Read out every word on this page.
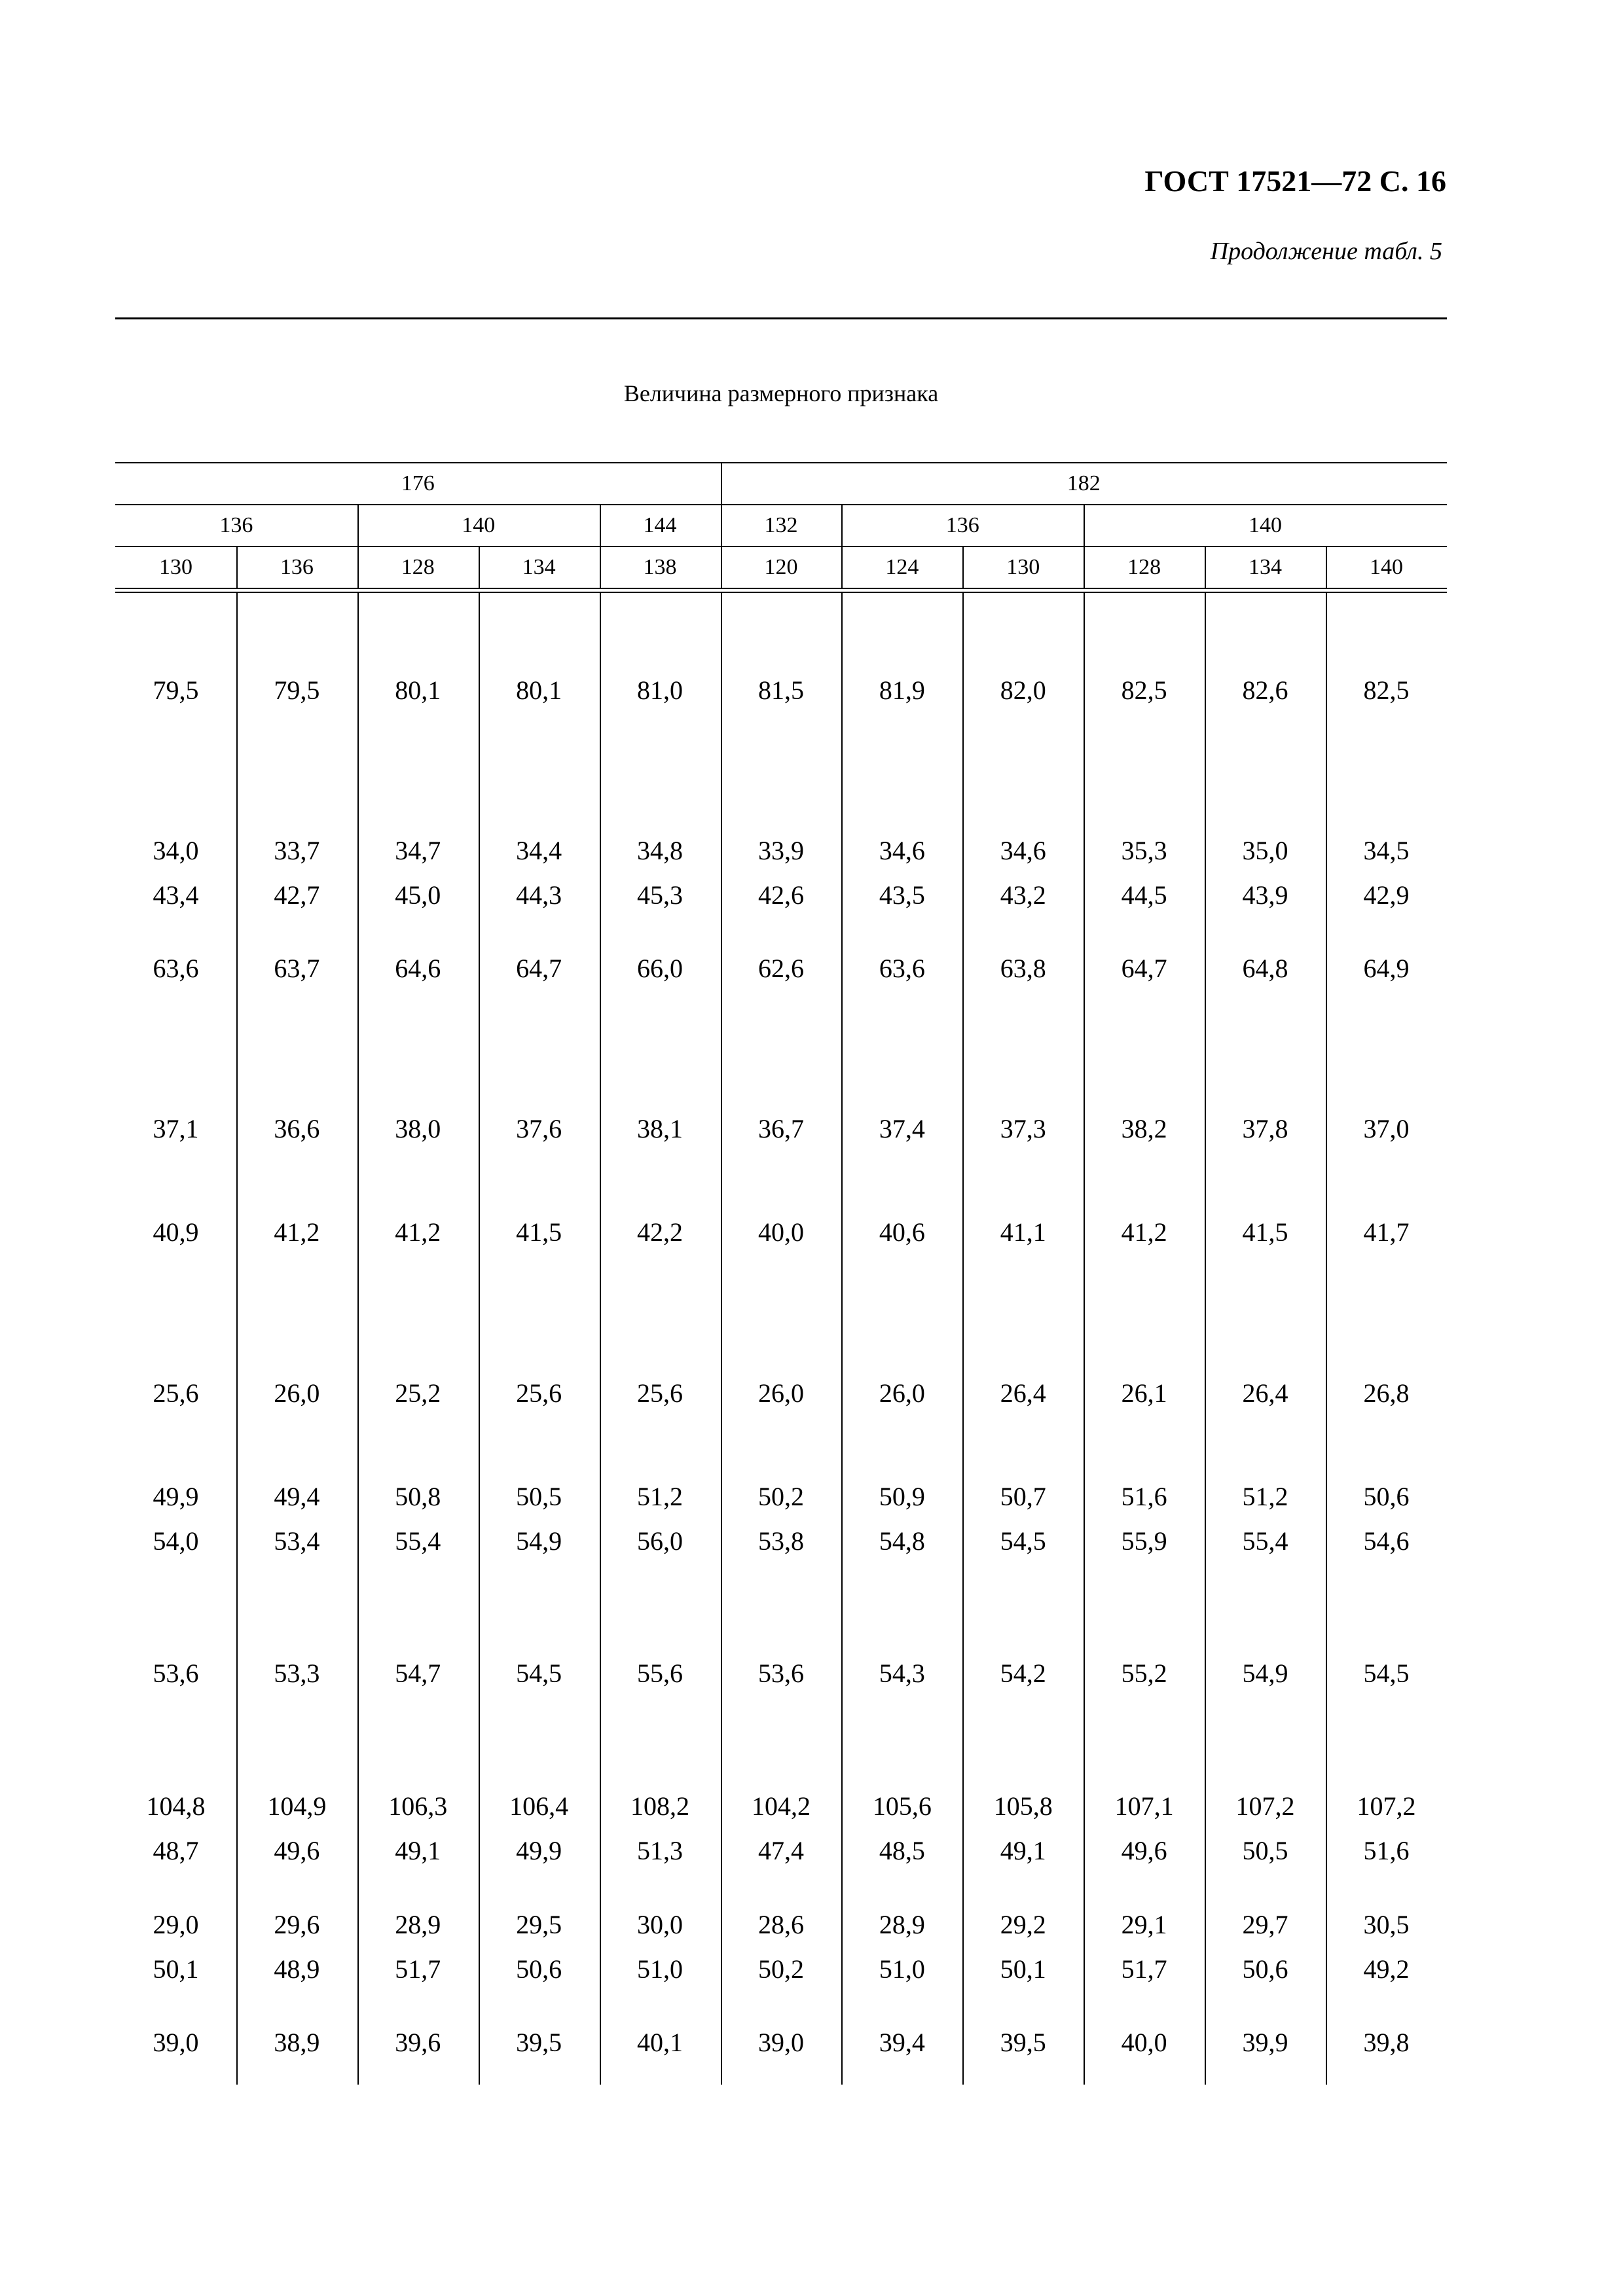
ГОСТ 17521—72 С. 16
Продолжение табл. 5
Величина размерного признака
176	182
136	140	144	132	136	140
130	136	128	134	138	120	124	130	128	134	140
79,5	79,5	80,1	80,1	81,0	81,5	81,9	82,0	82,5	82,6	82,5
34,0	33,7	34,7	34,4	34,8	33,9	34,6	34,6	35,3	35,0	34,5
43,4	42,7	45,0	44,3	45,3	42,6	43,5	43,2	44,5	43,9	42,9
63,6	63,7	64,6	64,7	66,0	62,6	63,6	63,8	64,7	64,8	64,9
37,1	36,6	38,0	37,6	38,1	36,7	37,4	37,3	38,2	37,8	37,0
40,9	41,2	41,2	41,5	42,2	40,0	40,6	41,1	41,2	41,5	41,7
25,6	26,0	25,2	25,6	25,6	26,0	26,0	26,4	26,1	26,4	26,8
49,9	49,4	50,8	50,5	51,2	50,2	50,9	50,7	51,6	51,2	50,6
54,0	53,4	55,4	54,9	56,0	53,8	54,8	54,5	55,9	55,4	54,6
53,6	53,3	54,7	54,5	55,6	53,6	54,3	54,2	55,2	54,9	54,5
104,8	104,9	106,3	106,4	108,2	104,2	105,6	105,8	107,1	107,2	107,2
48,7	49,6	49,1	49,9	51,3	47,4	48,5	49,1	49,6	50,5	51,6
29,0	29,6	28,9	29,5	30,0	28,6	28,9	29,2	29,1	29,7	30,5
50,1	48,9	51,7	50,6	51,0	50,2	51,0	50,1	51,7	50,6	49,2
39,0	38,9	39,6	39,5	40,1	39,0	39,4	39,5	40,0	39,9	39,8
